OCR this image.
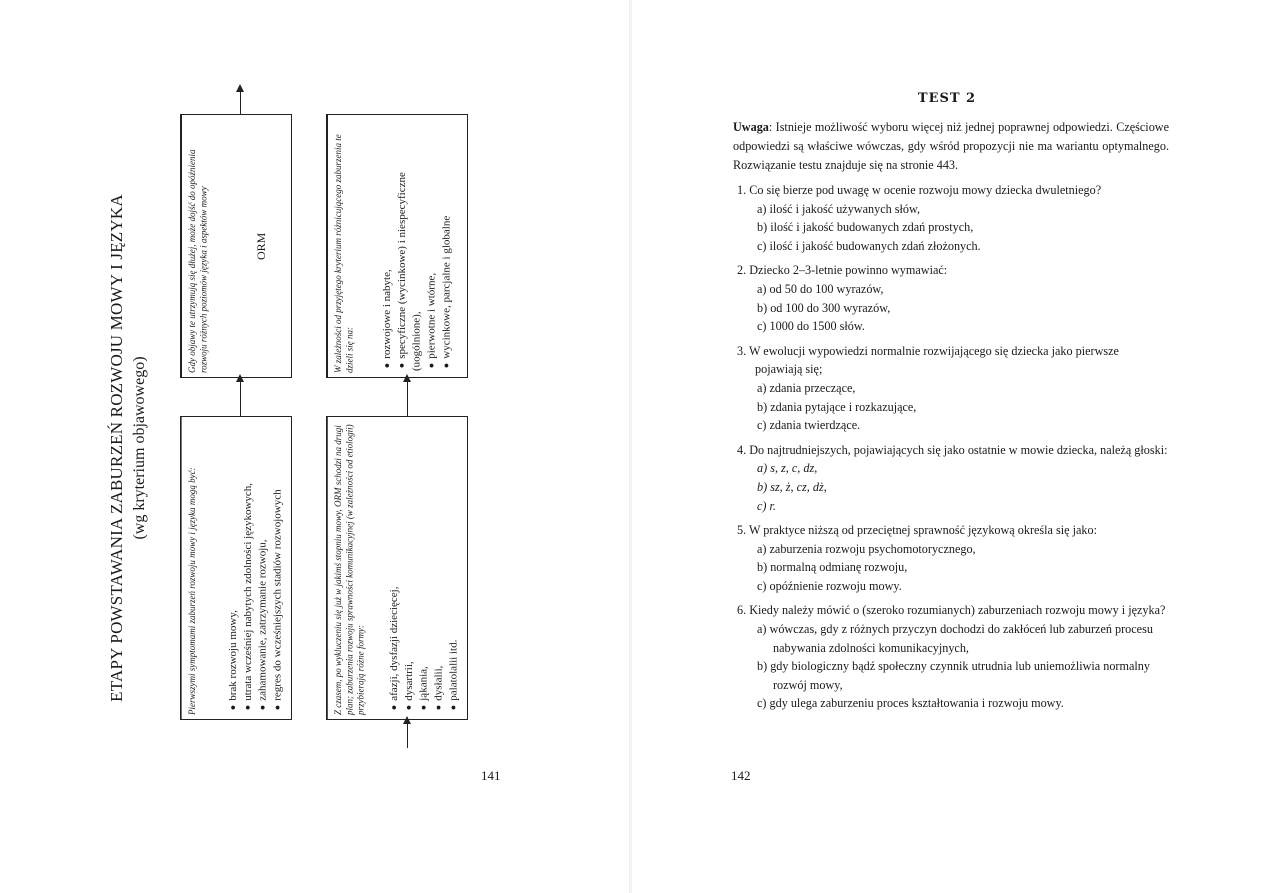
ETAPY POWSTAWANIA ZABURZEŃ ROZWOJU MOWY I JĘZYKA (wg kryterium objawowego)
Gdy objawy te utrzymują się dłużej, może dojść do opóźnienia rozwoju różnych poziomów języka i aspektów mowy	ORM
Pierwszymi symptomami zaburzeń rozwoju mowy i języka mogą być:	● brak rozwoju mowy, ● utrata wcześniej nabytych zdolności językowych, ● zahamowanie, zatrzymanie rozwoju, ● regres do wcześniejszych stadiów rozwojowych
W zależności od przyjętego kryterium różnicującego zaburzenia te dzieli się na:	● rozwojowe i nabyte, ● specyficzne (wycinkowe) i niespecyficzne (uogólnione), ● pierwotne i wtórne, ● wycinkowe, parcjalne i globalne
Z czasem, po wykluczeniu się już w jakimś stopniu mowy, ORM schodzi na drugi plan; zaburzenia rozwoju sprawności komunikacyjnej (w zależności od etiologii) przybierają różne formy:	● afazji, dysfazji dziecięcej, ● dysartrii, ● jąkania, ● dysłalii, ● palatolalii itd.
141
TEST 2
Uwaga: Istnieje możliwość wyboru więcej niż jednej poprawnej odpowiedzi. Częściowe odpowiedzi są właściwe wówczas, gdy wśród propozycji nie ma wariantu optymalnego. Rozwiązanie testu znajduje się na stronie 443.
1. Co się bierze pod uwagę w ocenie rozwoju mowy dziecka dwuletniego?
a) ilość i jakość używanych słów,
b) ilość i jakość budowanych zdań prostych,
c) ilość i jakość budowanych zdań złożonych.
2. Dziecko 2–3-letnie powinno wymawiać:
a) od 50 do 100 wyrazów,
b) od 100 do 300 wyrazów,
c) 1000 do 1500 słów.
3. W ewolucji wypowiedzi normalnie rozwijającego się dziecka jako pierwsze pojawiają się;
a) zdania przeczące,
b) zdania pytające i rozkazujące,
c) zdania twierdzące.
4. Do najtrudniejszych, pojawiających się jako ostatnie w mowie dziecka, należą głoski:
a) s, z, c, dz,
b) sz, ż, cz, dż,
c) r.
5. W praktyce niższą od przeciętnej sprawność językową określa się jako:
a) zaburzenia rozwoju psychomotorycznego,
b) normalną odmianę rozwoju,
c) opóźnienie rozwoju mowy.
6. Kiedy należy mówić o (szeroko rozumianych) zaburzeniach rozwoju mowy i języka?
a) wówczas, gdy z różnych przyczyn dochodzi do zakłóceń lub zaburzeń procesu nabywania zdolności komunikacyjnych,
b) gdy biologiczny bądź społeczny czynnik utrudnia lub uniemożliwia normalny rozwój mowy,
c) gdy ulega zaburzeniu proces kształtowania i rozwoju mowy.
142
